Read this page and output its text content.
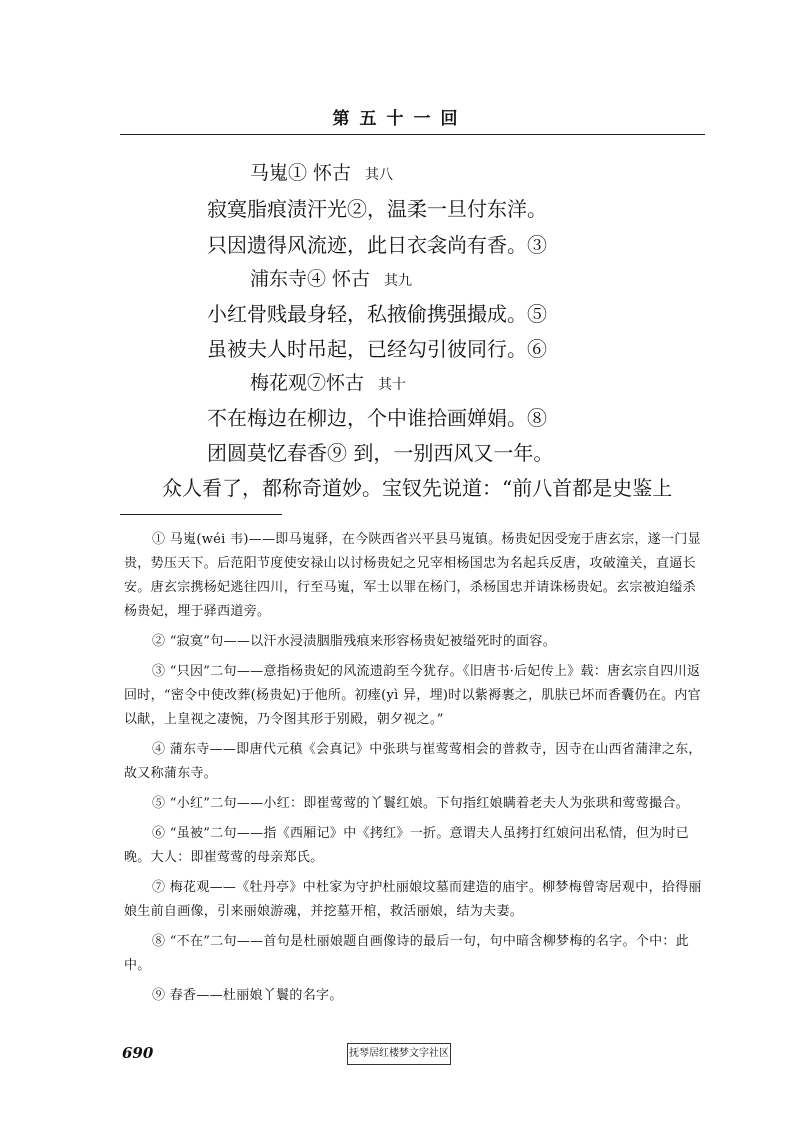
第五十一回
马嵬① 怀古 其八
寂寞脂痕渍汗光②，温柔一旦付东洋。
只因遗得风流迹，此日衣衾尚有香。③
浦东寺④ 怀古 其九
小红骨贱最身轻，私掖偷携强撮成。⑤
虽被夫人时吊起，已经勾引彼同行。⑥
梅花观⑦怀古 其十
不在梅边在柳边，个中谁拾画婵娟。⑧
团圆莫忆春香⑨ 到，一别西风又一年。
众人看了，都称奇道妙。宝钗先说道：“前八首都是史鉴上

① 马嵬(wéi 韦)——即马嵬驿，在今陕西省兴平县马嵬镇。杨贵妃因受宠于唐玄宗，遂一门显贵，势压天下。后范阳节度使安禄山以讨杨贵妃之兄宰相杨国忠为名起兵反唐，攻破潼关，直逼长安。唐玄宗携杨妃逃往四川，行至马嵬，军士以罪在杨门，杀杨国忠并请诛杨贵妃。玄宗被迫缢杀杨贵妃，埋于驿西道旁。

② “寂寞”句——以汗水浸渍胭脂残痕来形容杨贵妃被缢死时的面容。

③ “只因”二句——意指杨贵妃的风流遗韵至今犹存。《旧唐书·后妃传上》载：唐玄宗自四川返回时，“密令中使改葬(杨贵妃)于他所。初瘗(yì 异，埋)时以紫褥裹之，肌肤已坏而香囊仍在。内官以献，上皇视之凄惋，乃令图其形于别殿，朝夕视之。”

④ 蒲东寺——即唐代元稹《会真记》中张珙与崔莺莺相会的普救寺，因寺在山西省蒲津之东，故又称蒲东寺。

⑤ “小红”二句——小红：即崔莺莺的丫鬟红娘。下句指红娘瞒着老夫人为张珙和莺莺撮合。

⑥ “虽被”二句——指《西厢记》中《拷红》一折。意谓夫人虽拷打红娘问出私情，但为时已晚。大人：即崔莺莺的母亲郑氏。

⑦ 梅花观——《牡丹亭》中杜家为守护杜丽娘坟墓而建造的庙宇。柳梦梅曾寄居观中，拾得丽娘生前自画像，引来丽娘游魂，并挖墓开棺，救活丽娘，结为夫妻。

⑧ “不在”二句——首句是杜丽娘题自画像诗的最后一句，句中暗含柳梦梅的名字。个中：此中。

⑨ 春香——杜丽娘丫鬟的名字。

690	抚琴居红楼梦文字社区
